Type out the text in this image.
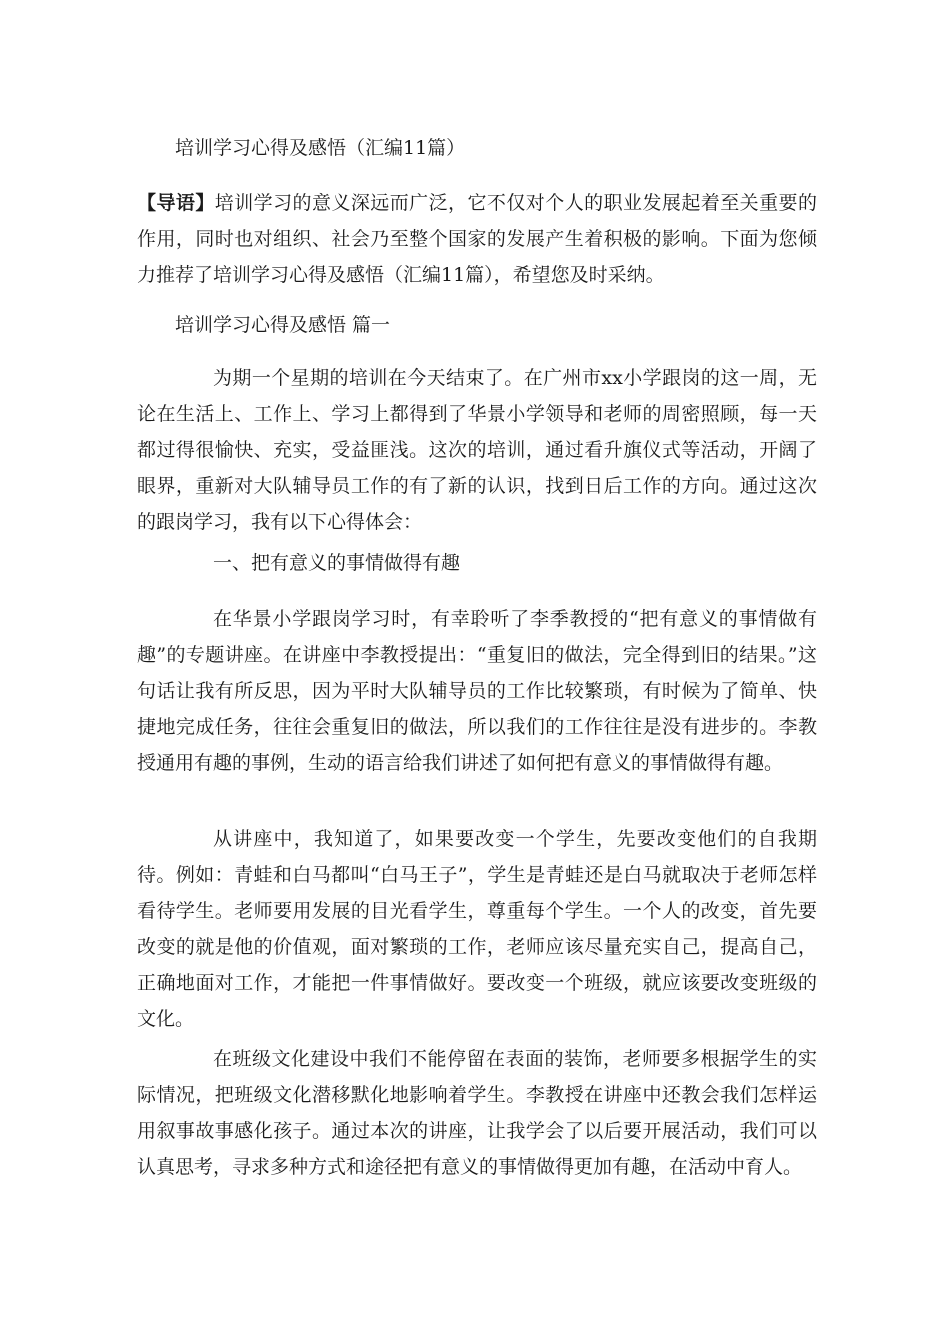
培训学习心得及感悟（汇编11篇）
【导语】培训学习的意义深远而广泛，它不仅对个人的职业发展起着至关重要的作用，同时也对组织、社会乃至整个国家的发展产生着积极的影响。下面为您倾力推荐了培训学习心得及感悟（汇编11篇），希望您及时采纳。
培训学习心得及感悟 篇一

为期一个星期的培训在今天结束了。在广州市xx小学跟岗的这一周，无论在生活上、工作上、学习上都得到了华景小学领导和老师的周密照顾，每一天都过得很愉快、充实，受益匪浅。这次的培训，通过看升旗仪式等活动，开阔了眼界，重新对大队辅导员工作的有了新的认识，找到日后工作的方向。通过这次的跟岗学习，我有以下心得体会：

一、把有意义的事情做得有趣

在华景小学跟岗学习时，有幸聆听了李季教授的“把有意义的事情做有趣”的专题讲座。在讲座中李教授提出：“重复旧的做法，完全得到旧的结果。”这句话让我有所反思，因为平时大队辅导员的工作比较繁琐，有时候为了简单、快捷地完成任务，往往会重复旧的做法，所以我们的工作往往是没有进步的。李教授通用有趣的事例，生动的语言给我们讲述了如何把有意义的事情做得有趣。

从讲座中，我知道了，如果要改变一个学生，先要改变他们的自我期待。例如：青蛙和白马都叫“白马王子”，学生是青蛙还是白马就取决于老师怎样看待学生。老师要用发展的目光看学生，尊重每个学生。一个人的改变，首先要改变的就是他的价值观，面对繁琐的工作，老师应该尽量充实自己，提高自己，正确地面对工作，才能把一件事情做好。要改变一个班级，就应该要改变班级的文化。

在班级文化建设中我们不能停留在表面的装饰，老师要多根据学生的实际情况，把班级文化潜移默化地影响着学生。李教授在讲座中还教会我们怎样运用叙事故事感化孩子。通过本次的讲座，让我学会了以后要开展活动，我们可以认真思考，寻求多种方式和途径把有意义的事情做得更加有趣，在活动中育人。
